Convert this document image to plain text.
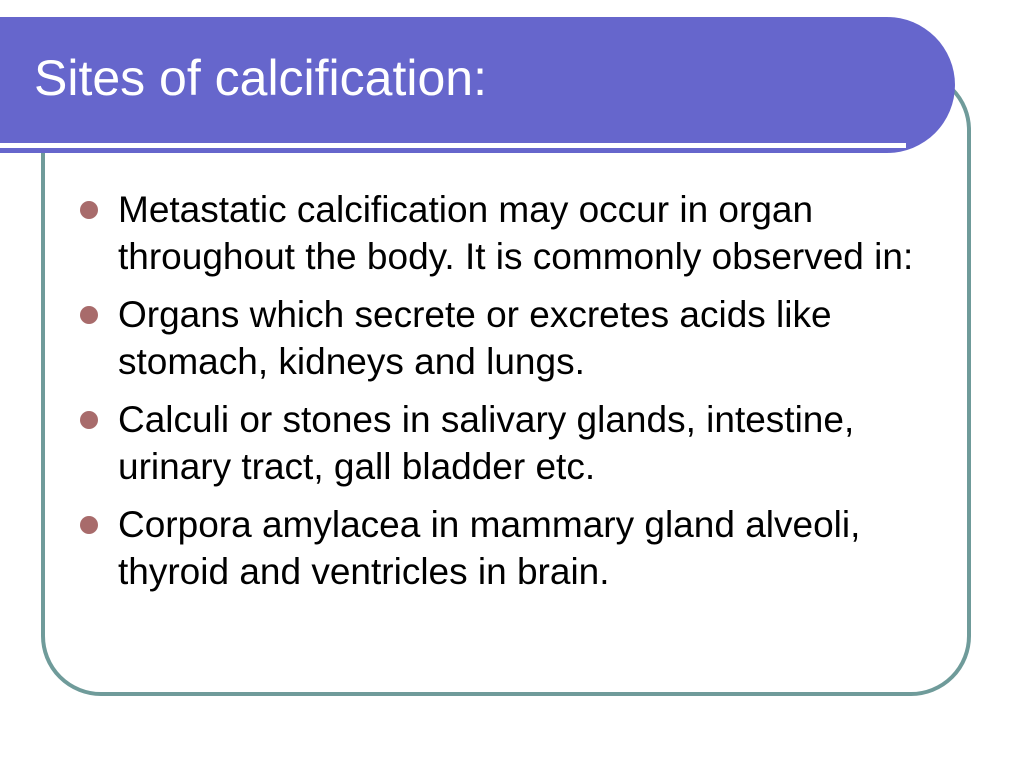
Sites of calcification:
Metastatic calcification may occur in organ throughout the body. It is commonly observed in:
Organs which secrete or excretes acids like stomach, kidneys and lungs.
Calculi or stones in salivary glands, intestine, urinary tract, gall bladder etc.
Corpora amylacea in mammary gland alveoli, thyroid and ventricles in brain.
